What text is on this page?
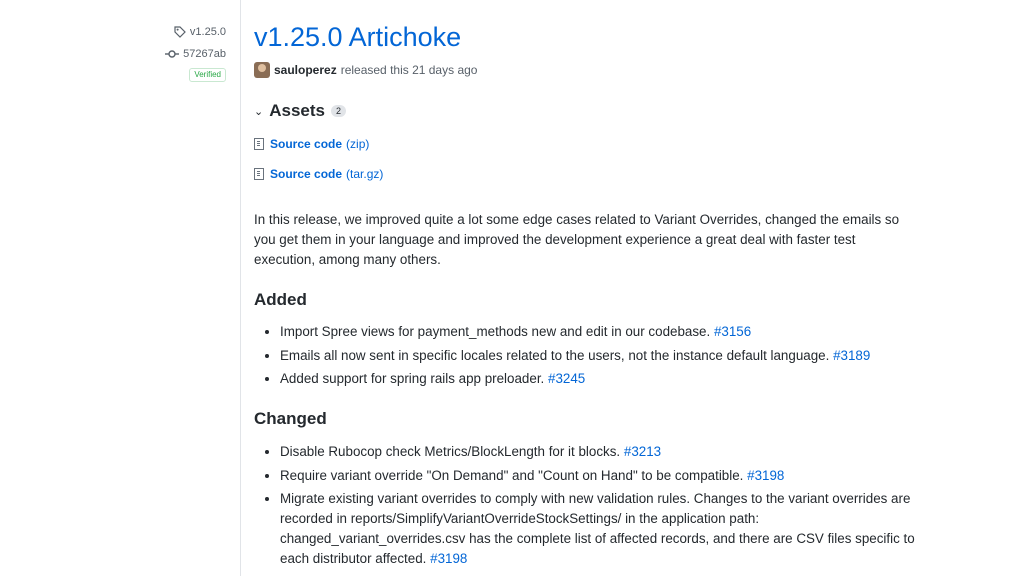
v1.25.0
57267ab
Verified
v1.25.0 Artichoke
sauloperez released this 21 days ago
⌄ Assets	2
Source code (zip)
Source code (tar.gz)

In this release, we improved quite a lot some edge cases related to Variant Overrides, changed the emails so you get them in your language and improved the development experience a great deal with faster test execution, among many others.

Added
• Import Spree views for payment_methods new and edit in our codebase. #3156
• Emails all now sent in specific locales related to the users, not the instance default language. #3189
• Added support for spring rails app preloader. #3245
Changed
• Disable Rubocop check Metrics/BlockLength for it blocks. #3213
• Require variant override "On Demand" and "Count on Hand" to be compatible. #3198
• Migrate existing variant overrides to comply with new validation rules. Changes to the variant overrides are recorded in reports/SimplifyVariantOverrideStockSettings/ in the application path: changed_variant_overrides.csv has the complete list of affected records, and there are CSV files specific to each distributor affected. #3198
